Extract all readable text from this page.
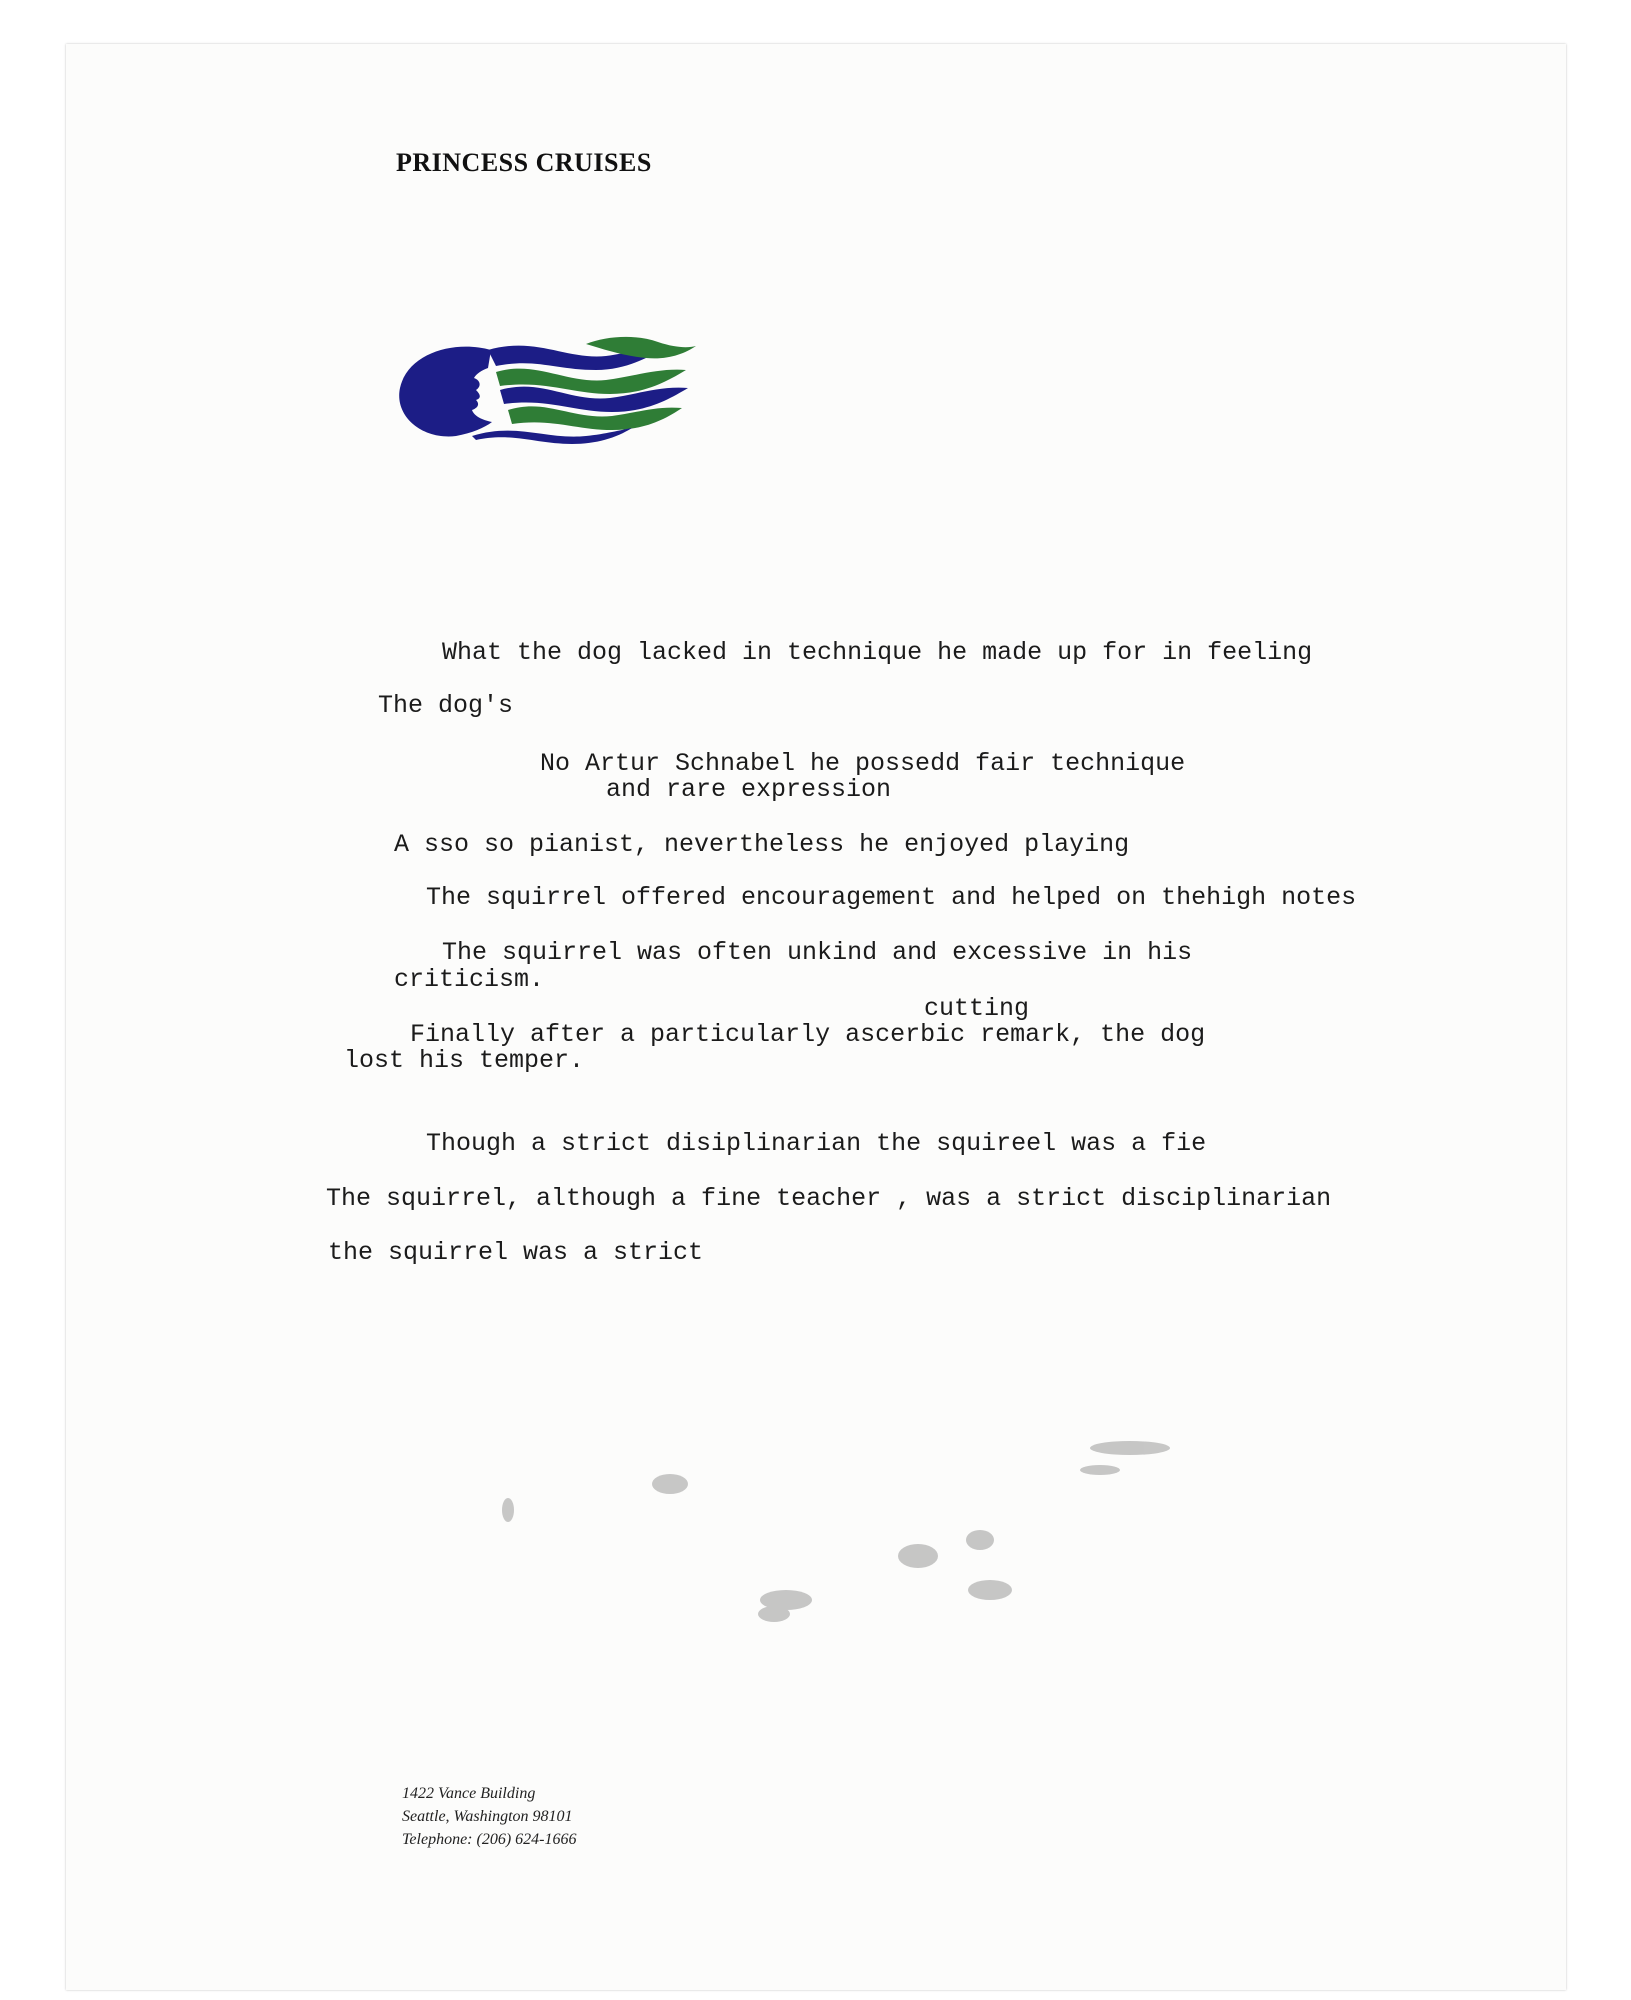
PRINCESS CRUISES

What the dog lacked in technique he made up for in feeling

The dog's

No Artur Schnabel he possedd fair technique

and rare expression

A sso so pianist, nevertheless he enjoyed playing

The squirrel offered encouragement and helped on thehigh notes

The squirrel was often unkind and excessive in his

criticism.

cutting

Finally after a particularly ascerbic remark, the dog

lost his temper.

Though a strict disiplinarian the squireel was a fie

The squirrel, although a fine teacher , was a strict disciplinarian

the squirrel was a strict

1422 Vance Building
Seattle, Washington 98101
Telephone: (206) 624-1666
